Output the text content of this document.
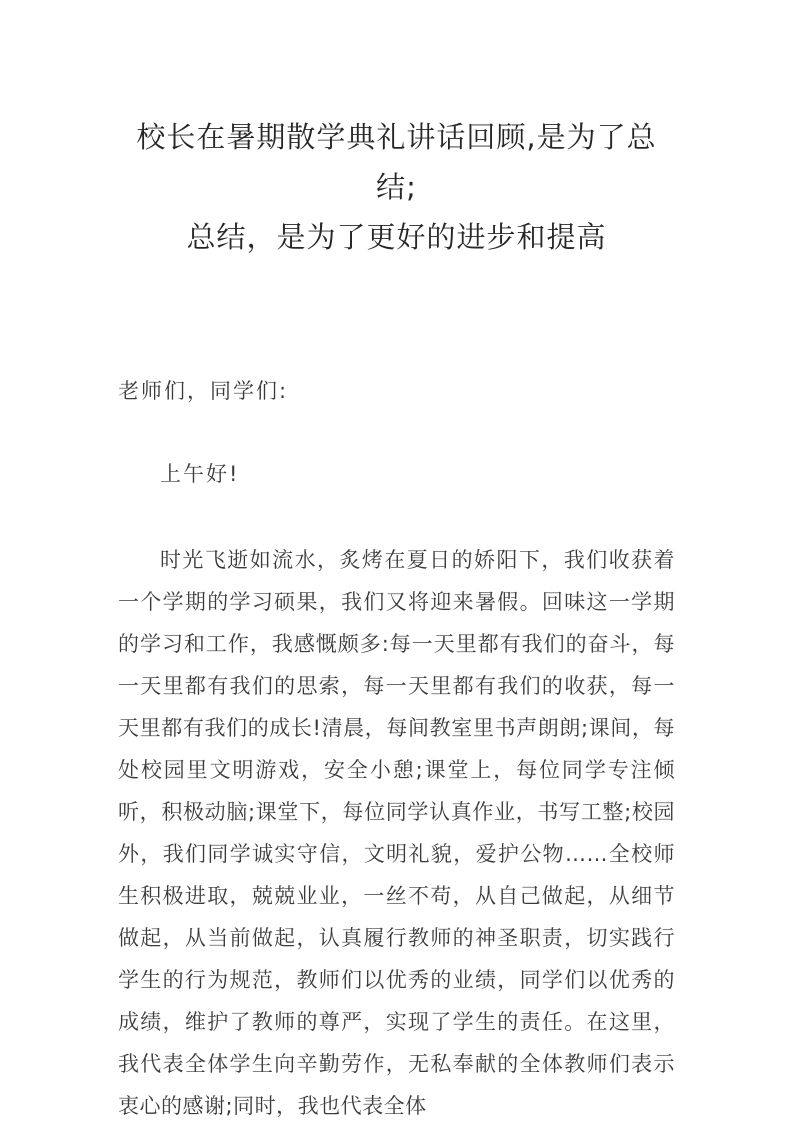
校长在暑期散学典礼讲话回顾,是为了总结;
总结，是为了更好的进步和提高

老师们，同学们:

上午好!

时光飞逝如流水，炙烤在夏日的娇阳下，我们收获着一个学期的学习硕果，我们又将迎来暑假。回味这一学期的学习和工作，我感慨颇多:每一天里都有我们的奋斗，每一天里都有我们的思索，每一天里都有我们的收获，每一天里都有我们的成长!清晨，每间教室里书声朗朗;课间，每处校园里文明游戏，安全小憩;课堂上，每位同学专注倾听，积极动脑;课堂下，每位同学认真作业，书写工整;校园外，我们同学诚实守信，文明礼貌，爱护公物……全校师生积极进取，兢兢业业，一丝不苟，从自己做起，从细节做起，从当前做起，认真履行教师的神圣职责，切实践行学生的行为规范，教师们以优秀的业绩，同学们以优秀的成绩，维护了教师的尊严，实现了学生的责任。在这里，我代表全体学生向辛勤劳作，无私奉献的全体教师们表示衷心的感谢;同时，我也代表全体
